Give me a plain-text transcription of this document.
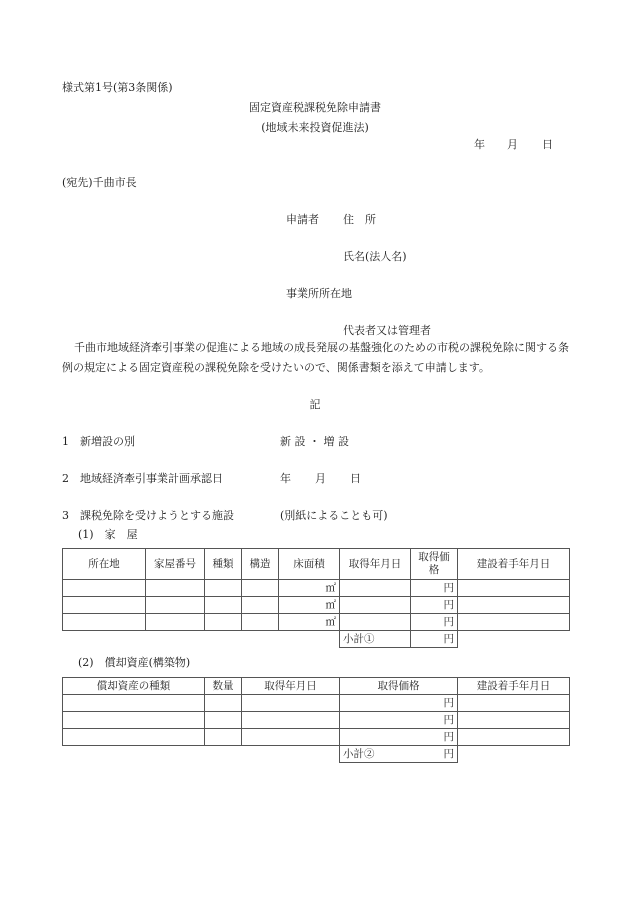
様式第1号(第3条関係)
固定資産税課税免除申請書
(地域未来投資促進法)
年 月 日
(宛先)千曲市長
申請者 住　所
氏名(法人名)
事業所所在地
代表者又は管理者
千曲市地域経済牽引事業の促進による地域の成長発展の基盤強化のための市税の課税免除に関する条例の規定による固定資産税の課税免除を受けたいので、関係書類を添えて申請します。
記
1　新増設の別	新 設 ・ 増 設
2　地域経済牽引事業計画承認日	年 月 日
3　課税免除を受けようとする施設	(別紙によることも可)
(1)　家　屋
所在地	家屋番号	種類	構造	床面積	取得年月日	取得価格	建設着手年月日
				㎡		円	
				㎡		円	
				㎡		円	
					小計①	円	
(2)　償却資産(構築物)
償却資産の種類	数量	取得年月日	取得価格	建設着手年月日
			円	
			円	
			円	

			小計② 円	
